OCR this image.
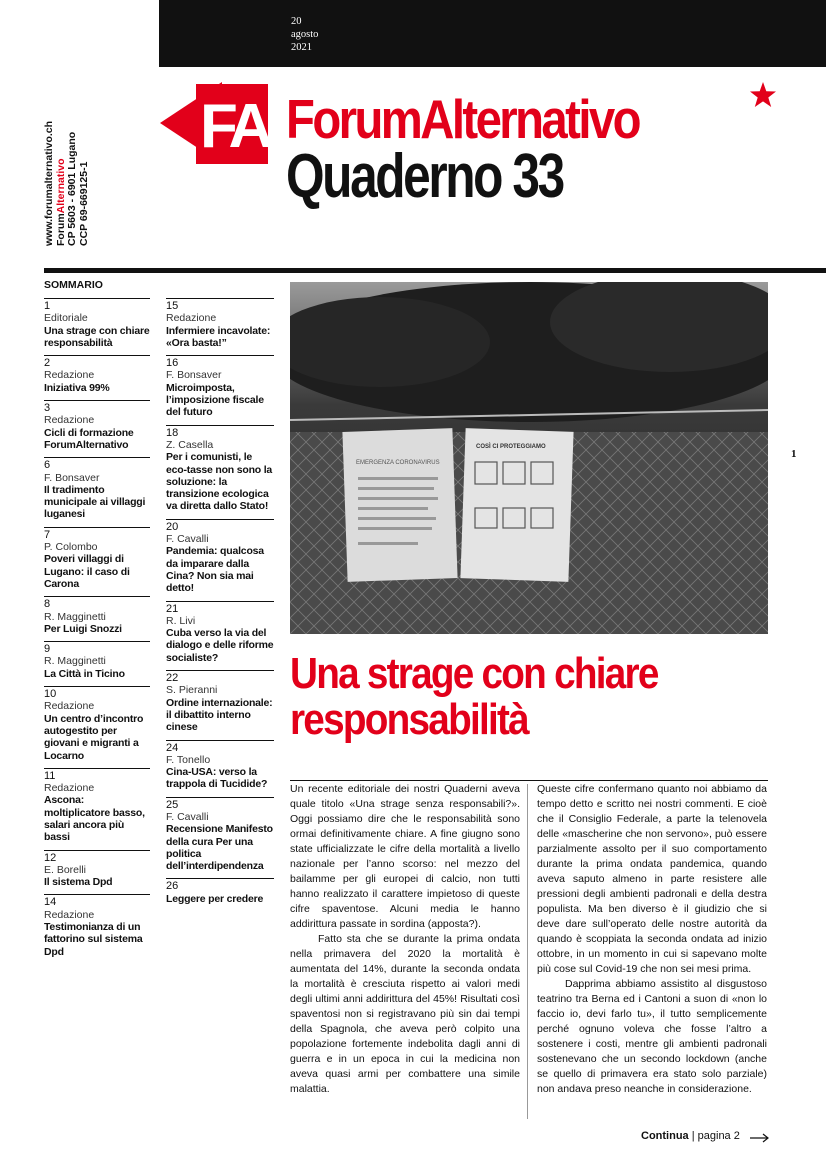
20
agosto
2021
FA ForumAlternativo
Quaderno 33
www.forumalternativo.ch ForumAlternativo CP 5603 - 6901 Lugano CCP 69-669125-1
SOMMARIO
1
Editoriale
Una strage con chiare responsabilità
2
Redazione
Iniziativa 99%
3
Redazione
Cicli di formazione ForumAlternativo
6
F. Bonsaver
Il tradimento municipale ai villaggi luganesi
7
P. Colombo
Poveri villaggi di Lugano: il caso di Carona
8
R. Magginetti
Per Luigi Snozzi
9
R. Magginetti
La Città in Ticino
10
Redazione
Un centro d’incontro autogestito per giovani e migranti a Locarno
11
Redazione
Ascona: moltiplicatore basso, salari ancora più bassi
12
E. Borelli
Il sistema Dpd
14
Redazione
Testimonianza di un fattorino sul sistema Dpd
15
Redazione
Infermiere incavolate: «Ora basta!”
16
F. Bonsaver
Microimposta, l’imposizione fiscale del futuro
18
Z. Casella
Per i comunisti, le eco-tasse non sono la soluzione: la transizione ecologica va diretta dallo Stato!
20
F. Cavalli
Pandemia: qualcosa da imparare dalla Cina? Non sia mai detto!
21
R. Livi
Cuba verso la via del dialogo e delle riforme socialiste?
22
S. Pieranni
Ordine internazionale: il dibattito interno cinese
24
F. Tonello
Cina-USA: verso la trappola di Tucidide?
25
F. Cavalli
Recensione Manifesto della cura Per una politica dell’interdipendenza
26
Leggere per credere
EMERGENZA CORONAVIRUS
COSÌ CI PROTEGGIAMO
1
Una strage con chiare responsabilità

Un recente editoriale dei nostri Quaderni aveva quale titolo «Una strage senza responsabili?». Oggi possiamo dire che le responsabilità sono ormai definitivamente chiare. A fine giugno sono state ufficializzate le cifre della mortalità a livello nazionale per l’anno scorso: nel mezzo del bailamme per gli europei di calcio, non tutti hanno realizzato il carattere impietoso di queste cifre spaventose. Alcuni media le hanno addirittura passate in sordina (apposta?).

Fatto sta che se durante la prima ondata nella primavera del 2020 la mortalità è aumentata del 14%, durante la seconda ondata la mortalità è cresciuta rispetto ai valori medi degli ultimi anni addirittura del 45%! Risultati così spaventosi non si registravano più sin dai tempi della Spagnola, che aveva però colpito una popolazione fortemente indebolita dagli anni di guerra e in un epoca in cui la medicina non aveva quasi armi per combattere una simile malattia.

Queste cifre confermano quanto noi abbiamo da tempo detto e scritto nei nostri commenti. E cioè che il Consiglio Federale, a parte la telenovela delle «mascherine che non servono», può essere parzialmente assolto per il suo comportamento durante la prima ondata pandemica, quando aveva saputo almeno in parte resistere alle pressioni degli ambienti padronali e della destra populista. Ma ben diverso è il giudizio che si deve dare sull’operato delle nostre autorità da quando è scoppiata la seconda ondata ad inizio ottobre, in un momento in cui si sapevano molte più cose sul Covid-19 che non sei mesi prima.

Dapprima abbiamo assistito al disgustoso teatrino tra Berna ed i Cantoni a suon di «non lo faccio io, devi farlo tu», il tutto semplicemente perché ognuno voleva che fosse l’altro a sostenere i costi, mentre gli ambienti padronali sostenevano che un secondo lockdown (anche se quello di primavera era stato solo parziale) non andava preso neanche in considerazione.

Continua | pagina 2
